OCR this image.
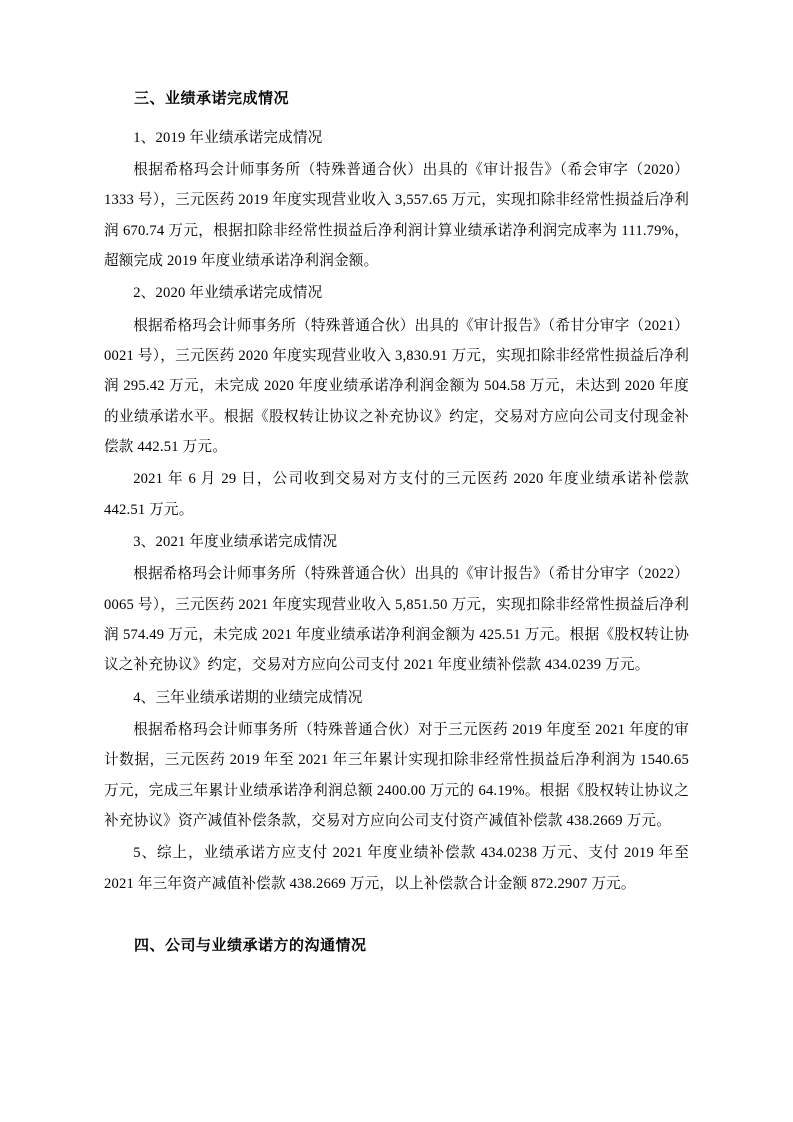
三、业绩承诺完成情况

1、2019 年业绩承诺完成情况

根据希格玛会计师事务所（特殊普通合伙）出具的《审计报告》（希会审字（2020）1333 号），三元医药 2019 年度实现营业收入 3,557.65 万元，实现扣除非经常性损益后净利润 670.74 万元，根据扣除非经常性损益后净利润计算业绩承诺净利润完成率为 111.79%，超额完成 2019 年度业绩承诺净利润金额。

2、2020 年业绩承诺完成情况

根据希格玛会计师事务所（特殊普通合伙）出具的《审计报告》（希甘分审字（2021）0021 号），三元医药 2020 年度实现营业收入 3,830.91 万元，实现扣除非经常性损益后净利润 295.42 万元，未完成 2020 年度业绩承诺净利润金额为 504.58 万元，未达到 2020 年度的业绩承诺水平。根据《股权转让协议之补充协议》约定，交易对方应向公司支付现金补偿款 442.51 万元。

2021 年 6 月 29 日，公司收到交易对方支付的三元医药 2020 年度业绩承诺补偿款 442.51 万元。

3、2021 年度业绩承诺完成情况

根据希格玛会计师事务所（特殊普通合伙）出具的《审计报告》（希甘分审字（2022）0065 号），三元医药 2021 年度实现营业收入 5,851.50 万元，实现扣除非经常性损益后净利润 574.49 万元，未完成 2021 年度业绩承诺净利润金额为 425.51 万元。根据《股权转让协议之补充协议》约定，交易对方应向公司支付 2021 年度业绩补偿款 434.0239 万元。

4、三年业绩承诺期的业绩完成情况

根据希格玛会计师事务所（特殊普通合伙）对于三元医药 2019 年度至 2021 年度的审计数据，三元医药 2019 年至 2021 年三年累计实现扣除非经常性损益后净利润为 1540.65 万元，完成三年累计业绩承诺净利润总额 2400.00 万元的 64.19%。根据《股权转让协议之补充协议》资产减值补偿条款，交易对方应向公司支付资产减值补偿款 438.2669 万元。

5、综上，业绩承诺方应支付 2021 年度业绩补偿款 434.0238 万元、支付 2019 年至 2021 年三年资产减值补偿款 438.2669 万元，以上补偿款合计金额 872.2907 万元。

四、公司与业绩承诺方的沟通情况
